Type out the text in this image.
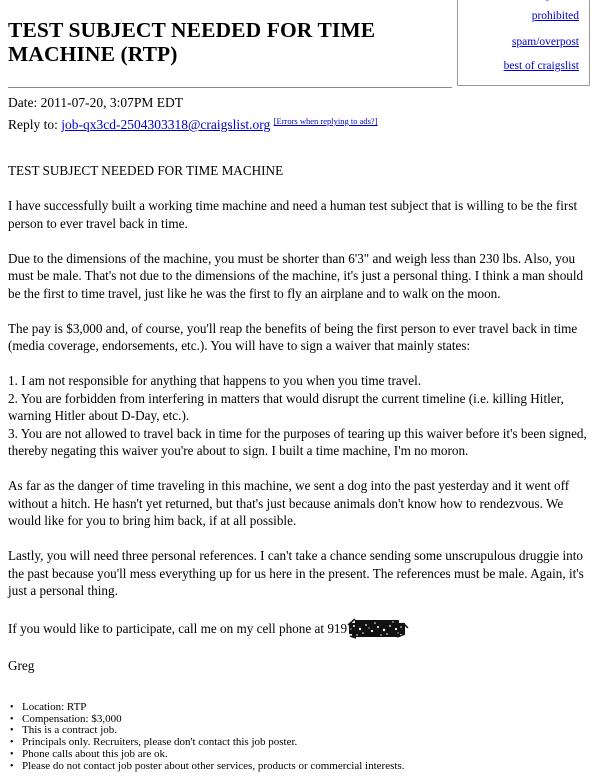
prohibited
spam/overpost
best of craigslist
TEST SUBJECT NEEDED FOR TIME MACHINE (RTP)
Date: 2011-07-20, 3:07PM EDT
Reply to: job-qx3cd-2504303318@craigslist.org [Errors when replying to ads?]

TEST SUBJECT NEEDED FOR TIME MACHINE

I have successfully built a working time machine and need a human test subject that is willing to be the first person to ever travel back in time.

Due to the dimensions of the machine, you must be shorter than 6'3" and weigh less than 230 lbs. Also, you must be male. That's not due to the dimensions of the machine, it's just a personal thing. I think a man should be the first to time travel, just like he was the first to fly an airplane and to walk on the moon.

The pay is $3,000 and, of course, you'll reap the benefits of being the first person to ever travel back in time (media coverage, endorsements, etc.). You will have to sign a waiver that mainly states:

1. I am not responsible for anything that happens to you when you time travel.
2. You are forbidden from interfering in matters that would disrupt the current timeline (i.e. killing Hitler, warning Hitler about D-Day, etc.).
3. You are not allowed to travel back in time for the purposes of tearing up this waiver before it's been signed, thereby negating this waiver you're about to sign. I built a time machine, I'm no moron.

As far as the danger of time traveling in this machine, we sent a dog into the past yesterday and it went off without a hitch. He hasn't yet returned, but that's just because animals don't know how to rendezvous. We would like for you to bring him back, if at all possible.

Lastly, you will need three personal references. I can't take a chance sending some unscrupulous druggie into the past because you'll mess everything up for us here in the present. The references must be male. Again, it's just a personal thing.

If you would like to participate, call me on my cell phone at 919

Greg

• Location: RTP
• Compensation: $3,000
• This is a contract job.
• Principals only. Recruiters, please don't contact this job poster.
• Phone calls about this job are ok.
• Please do not contact job poster about other services, products or commercial interests.
